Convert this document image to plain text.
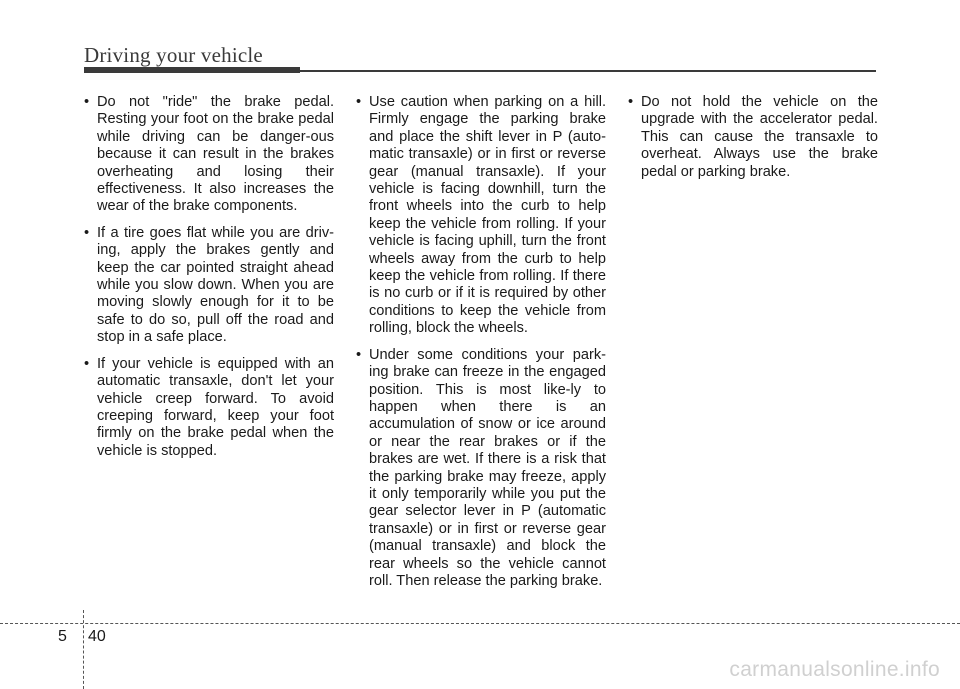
Driving your vehicle
• Do not "ride" the brake pedal. Resting your foot on the brake pedal while driving can be danger-ous because it can result in the brakes overheating and losing their effectiveness. It also increases the wear of the brake components.
• If a tire goes flat while you are driv-ing, apply the brakes gently and keep the car pointed straight ahead while you slow down. When you are moving slowly enough for it to be safe to do so, pull off the road and stop in a safe place.
• If your vehicle is equipped with an automatic transaxle, don't let your vehicle creep forward. To avoid creeping forward, keep your foot firmly on the brake pedal when the vehicle is stopped.
• Use caution when parking on a hill. Firmly engage the parking brake and place the shift lever in P (auto-matic transaxle) or in first or reverse gear (manual transaxle). If your vehicle is facing downhill, turn the front wheels into the curb to help keep the vehicle from rolling. If your vehicle is facing uphill, turn the front wheels away from the curb to help keep the vehicle from rolling. If there is no curb or if it is required by other conditions to keep the vehicle from rolling, block the wheels.
• Under some conditions your park-ing brake can freeze in the engaged position. This is most like-ly to happen when there is an accumulation of snow or ice around or near the rear brakes or if the brakes are wet. If there is a risk that the parking brake may freeze, apply it only temporarily while you put the gear selector lever in P (automatic transaxle) or in first or reverse gear (manual transaxle) and block the rear wheels so the vehicle cannot roll. Then release the parking brake.
• Do not hold the vehicle on the upgrade with the accelerator pedal. This can cause the transaxle to overheat. Always use the brake pedal or parking brake.
5 40
carmanualsonline.info
